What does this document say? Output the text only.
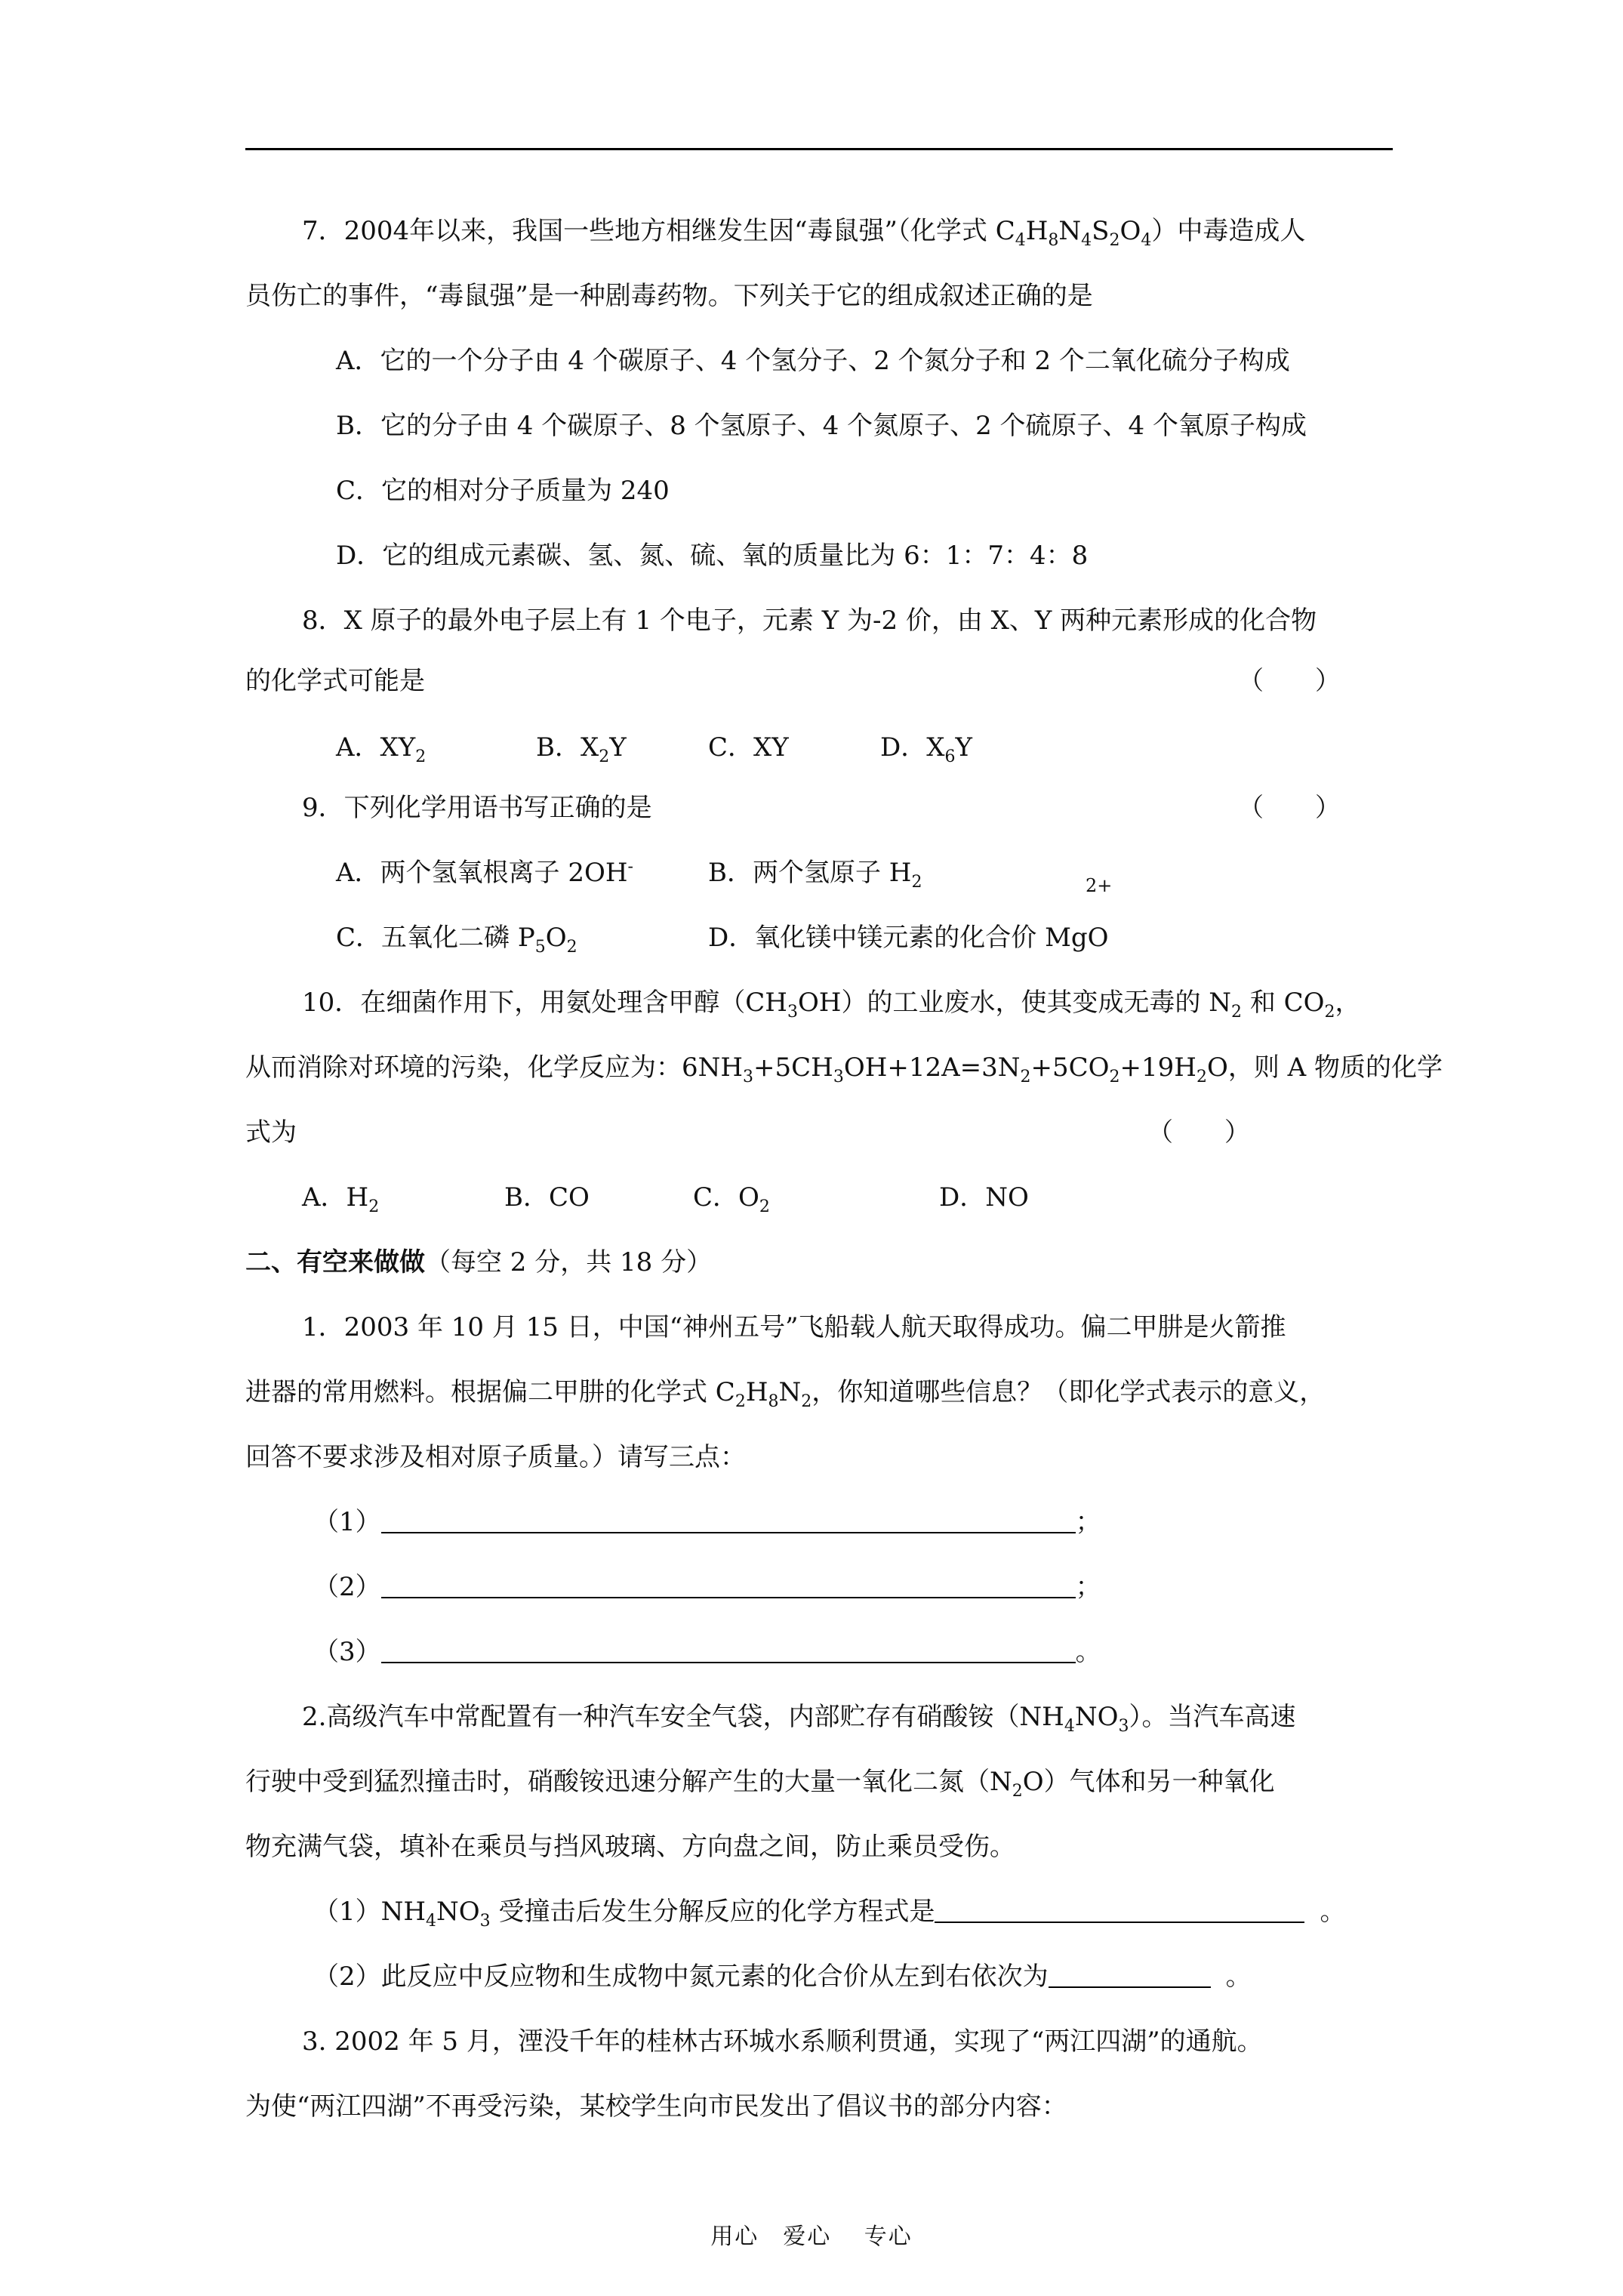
7．2004年以来，我国一些地方相继发生因“毒鼠强”（化学式 $C_4H_8N_4S_2O_4$）中毒造成人
员伤亡的事件，“毒鼠强”是一种剧毒药物。下列关于它的组成叙述正确的是
A．它的一个分子由 4 个碳原子、4 个氢分子、2 个氮分子和 2 个二氧化硫分子构成
B．它的分子由 4 个碳原子、8 个氢原子、4 个氮原子、2 个硫原子、4 个氧原子构成
C．它的相对分子质量为 240
D．它的组成元素碳、氢、氮、硫、氧的质量比为 6：1：7：4：8
8．X 原子的最外电子层上有 1 个电子，元素 Y 为-2 价，由 X、Y 两种元素形成的化合物
的化学式可能是	（　　）
A．$XY_2$	B．$X_2Y$	C．XY	D．$X_6Y$
9．下列化学用语书写正确的是	（　　）
A．两个氢氧根离子 2OH-	B．两个氢原子 $H_2$	2+
C．五氧化二磷 $P_5O_2$	D．氧化镁中镁元素的化合价 MgO
10．在细菌作用下，用氨处理含甲醇$(CH_3OH)$的工业废水，使其变成无毒的 $N_2$ 和 $CO_2$，
从而消除对环境的污染，化学反应为：$6NH_3+5CH_3OH+12A=3N_2+5CO_2+19H_2O$，则 A 物质的化学
式为	（　　）
A．$H_2$	B．CO	C．$O_2$	D．NO
二、有空来做做（每空 2 分，共 18 分）
1．2003 年 10 月 15 日，中国“神州五号”飞船载人航天取得成功。偏二甲肼是火箭推
进器的常用燃料。根据偏二甲肼的化学式 $C_2H_8N_2$，你知道哪些信息？（即化学式表示的意义，
回答不要求涉及相对原子质量。）请写三点：
（1）	；
（2）	；
（3）	。
2.高级汽车中常配置有一种汽车安全气袋，内部贮存有硝酸铵$(NH_4NO_3)$。当汽车高速
行驶中受到猛烈撞击时，硝酸铵迅速分解产生的大量一氧化二氮$(N_2O)$气体和另一种氧化
物充满气袋，填补在乘员与挡风玻璃、方向盘之间，防止乘员受伤。
$(1)NH_4NO_3$ 受撞击后发生分解反应的化学方程式是	。
（2）此反应中反应物和生成物中氮元素的化合价从左到右依次为	。
3. 2002 年 5 月，湮没千年的桂林古环城水系顺利贯通，实现了“两江四湖”的通航。
为使“两江四湖”不再受污染，某校学生向市民发出了倡议书的部分内容：
用心　爱心　 专心
